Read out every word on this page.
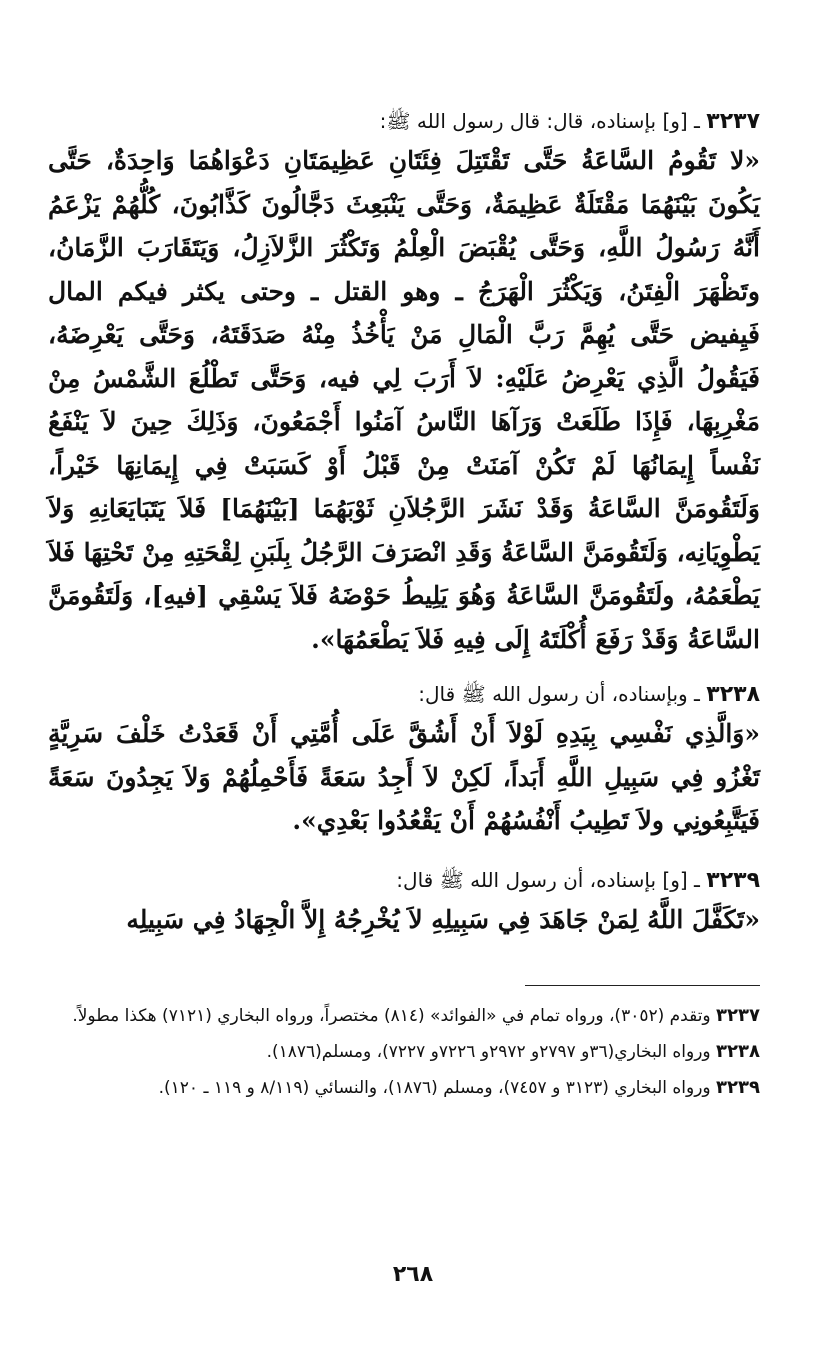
٣٢٣٧ ـ [و] بإسناده، قال: قال رسول الله ﷺ:

«لا تَقُومُ السَّاعَةُ حَتَّى تَقْتَتِلَ فِئَتَانِ عَظِيمَتَانِ دَعْوَاهُمَا وَاحِدَةٌ، حَتَّى يَكُونَ بَيْنَهُمَا مَقْتَلَةٌ عَظِيمَةٌ، وَحَتَّى يَنْبَعِثَ دَجَّالُونَ كَذَّابُونَ، كُلُّهُمْ يَزْعَمُ أَنَّهُ رَسُولُ اللَّهِ، وَحَتَّى يُقْبَضَ الْعِلْمُ وَتَكْثُرَ الزَّلاَزِلُ، وَيَتَقَارَبَ الزَّمَانُ، وتَظْهَرَ الْفِتَنُ، وَيَكْثُرَ الْهَرَجُ ـ وهو القتل ـ وحتى يكثر فيكم المال فَيِفيض حَتَّى يُهِمَّ رَبَّ الْمَالِ مَنْ يَأْخُذُ مِنْهُ صَدَقَتَهُ، وَحَتَّى يَعْرِضَهُ، فَيَقُولُ الَّذِي يَعْرِضُ عَلَيْهِ: لاَ أَرَبَ لِي فيه، وَحَتَّى تَطْلُعَ الشَّمْسُ مِنْ مَغْرِبِهَا، فَإِذَا طَلَعَتْ وَرَآهَا النَّاسُ آمَنُوا أَجْمَعُونَ، وَذَلِكَ حِينَ لاَ يَنْفَعُ نَفْساً إِيمَانُهَا لَمْ تَكُنْ آمَنَتْ مِنْ قَبْلُ أَوْ كَسَبَتْ فِي إِيمَانِهَا خَيْراً، وَلَتَقُومَنَّ السَّاعَةُ وَقَدْ نَشَرَ الرَّجُلاَنِ ثَوْبَهُمَا [بَيْنَهُمَا] فَلاَ يَتَبَايَعَانِهِ وَلاَ يَطْوِيَانِه، وَلَتَقُومَنَّ السَّاعَةُ وَقَدِ انْصَرَفَ الرَّجُلُ بِلَبَنِ لِقْحَتِهِ مِنْ تَحْتِهَا فَلاَ يَطْعَمُهُ، ولَتَقُومَنَّ السَّاعَةُ وَهُوَ يَلِيطُ حَوْضَهُ فَلاَ يَسْقِي [فيهِ]، وَلَتَقُومَنَّ السَّاعَةُ وَقَدْ رَفَعَ أُكْلَتَهُ إِلَى فِيهِ فَلاَ يَطْعَمُهَا».

٣٢٣٨ ـ وبإسناده، أن رسول الله ﷺ قال:

«وَالَّذِي نَفْسِي بِيَدِهِ لَوْلاَ أَنْ أَشُقَّ عَلَى أُمَّتِي أَنْ قَعَدْتُ خَلْفَ سَرِيَّةٍ تَغْزُو فِي سَبِيلِ اللَّهِ أَبَداً، لَكِنْ لاَ أَجِدُ سَعَةً فَأَحْمِلُهُمْ وَلاَ يَجِدُونَ سَعَةً فَيَتَّبِعُونِي ولاَ تَطِيبُ أَنْفُسُهُمْ أَنْ يَقْعُدُوا بَعْدِي».

٣٢٣٩ ـ [و] بإسناده، أن رسول الله ﷺ قال:

«تَكَفَّلَ اللَّهُ لِمَنْ جَاهَدَ فِي سَبِيلِهِ لاَ يُخْرِجُهُ إِلاَّ الْجِهَادُ فِي سَبِيلِه

٣٢٣٧ وتقدم (٣٠٥٢)، ورواه تمام في «الفوائد» (٨١٤) مختصراً، ورواه البخاري (٧١٢١) هكذا مطولاً.

٣٢٣٨ ورواه البخاري(٣٦و ٢٧٩٧و ٢٩٧٢و ٧٢٢٦و ٧٢٢٧)، ومسلم(١٨٧٦).

٣٢٣٩ ورواه البخاري (٣١٢٣ و ٧٤٥٧)، ومسلم (١٨٧٦)، والنسائي (٨/١١٩ و ١١٩ ـ ١٢٠).

٢٦٨
